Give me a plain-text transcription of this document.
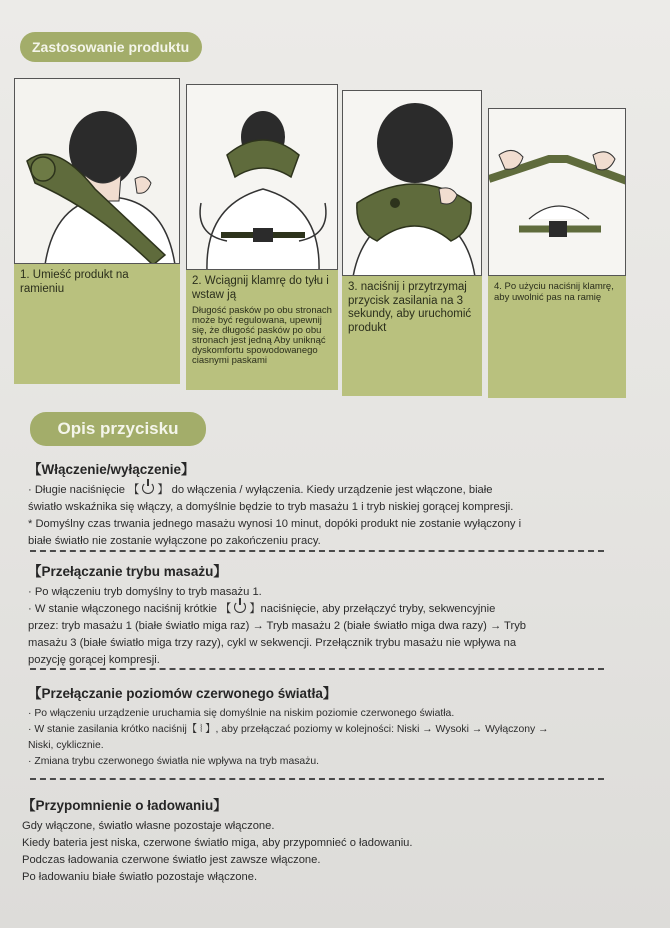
Zastosowanie produktu
1. Umieść produkt na ramieniu
2. Wciągnij klamrę do tyłu i wstaw ją
Długość pasków po obu stronach może być regulowana, upewnij się, że długość pasków po obu stronach jest jedną Aby uniknąć dyskomfortu spowodowanego ciasnymi paskami
3. naciśnij i przytrzymaj przycisk zasilania na 3 sekundy, aby uruchomić produkt
4. Po użyciu naciśnij klamrę, aby uwolnić pas na ramię
Opis przycisku
【Włączenie/wyłączenie】
· Długie naciśnięcie 【 】 do włączenia / wyłączenia. Kiedy urządzenie jest włączone, białe
światło wskaźnika się włączy, a domyślnie będzie to tryb masażu 1 i tryb niskiej gorącej kompresji.
* Domyślny czas trwania jednego masażu wynosi 10 minut, dopóki produkt nie zostanie wyłączony i
białe światło nie zostanie wyłączone po zakończeniu pracy.
【Przełączanie trybu masażu】
· Po włączeniu tryb domyślny to tryb masażu 1.
· W stanie włączonego naciśnij krótkie 【 】naciśnięcie, aby przełączyć tryby, sekwencyjnie
przez: tryb masażu 1 (białe światło miga raz) → Tryb masażu 2 (białe światło miga dwa razy) → Tryb
masażu 3 (białe światło miga trzy razy), cykl w sekwencji. Przełącznik trybu masażu nie wpływa na
pozycję gorącej kompresji.
【Przełączanie poziomów czerwonego światła】
· Po włączeniu urządzenie uruchamia się domyślnie na niskim poziomie czerwonego światła.
· W stanie zasilania krótko naciśnij【 ⦚ 】, aby przełączać poziomy w kolejności: Niski → Wysoki → Wyłączony →
Niski, cyklicznie.
· Zmiana trybu czerwonego światła nie wpływa na tryb masażu.
【Przypomnienie o ładowaniu】
Gdy włączone, światło własne pozostaje włączone.
Kiedy bateria jest niska, czerwone światło miga, aby przypomnieć o ładowaniu.
Podczas ładowania czerwone światło jest zawsze włączone.
Po ładowaniu białe światło pozostaje włączone.
